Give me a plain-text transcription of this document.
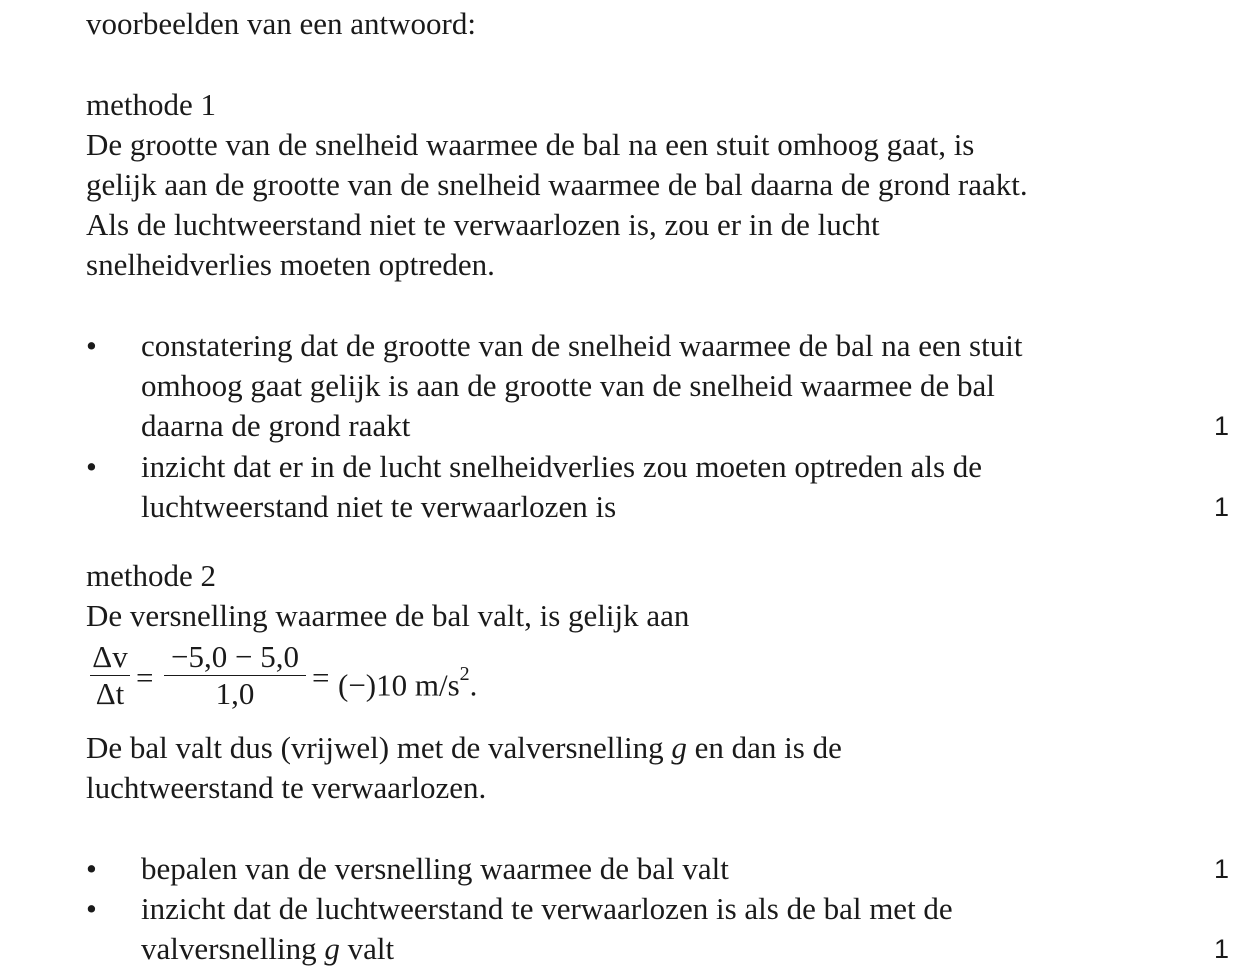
voorbeelden van een antwoord:
methode 1
De grootte van de snelheid waarmee de bal na een stuit omhoog gaat, is
gelijk aan de grootte van de snelheid waarmee de bal daarna de grond raakt.
Als de luchtweerstand niet te verwaarlozen is, zou er in de lucht
snelheidverlies moeten optreden.
• constatering dat de grootte van de snelheid waarmee de bal na een stuit
omhoog gaat gelijk is aan de grootte van de snelheid waarmee de bal
daarna de grond raakt	1
• inzicht dat er in de lucht snelheidverlies zou moeten optreden als de
luchtweerstand niet te verwaarlozen is	1
methode 2
De versnelling waarmee de bal valt, is gelijk aan
Δv
Δt =
−5,0 − 5,0
1,0	= (−)10 $m/s^2$.
De bal valt dus (vrijwel) met de valversnelling g en dan is de
luchtweerstand te verwaarlozen.
• bepalen van de versnelling waarmee de bal valt	1
• inzicht dat de luchtweerstand te verwaarlozen is als de bal met de
valversnelling g valt	1
